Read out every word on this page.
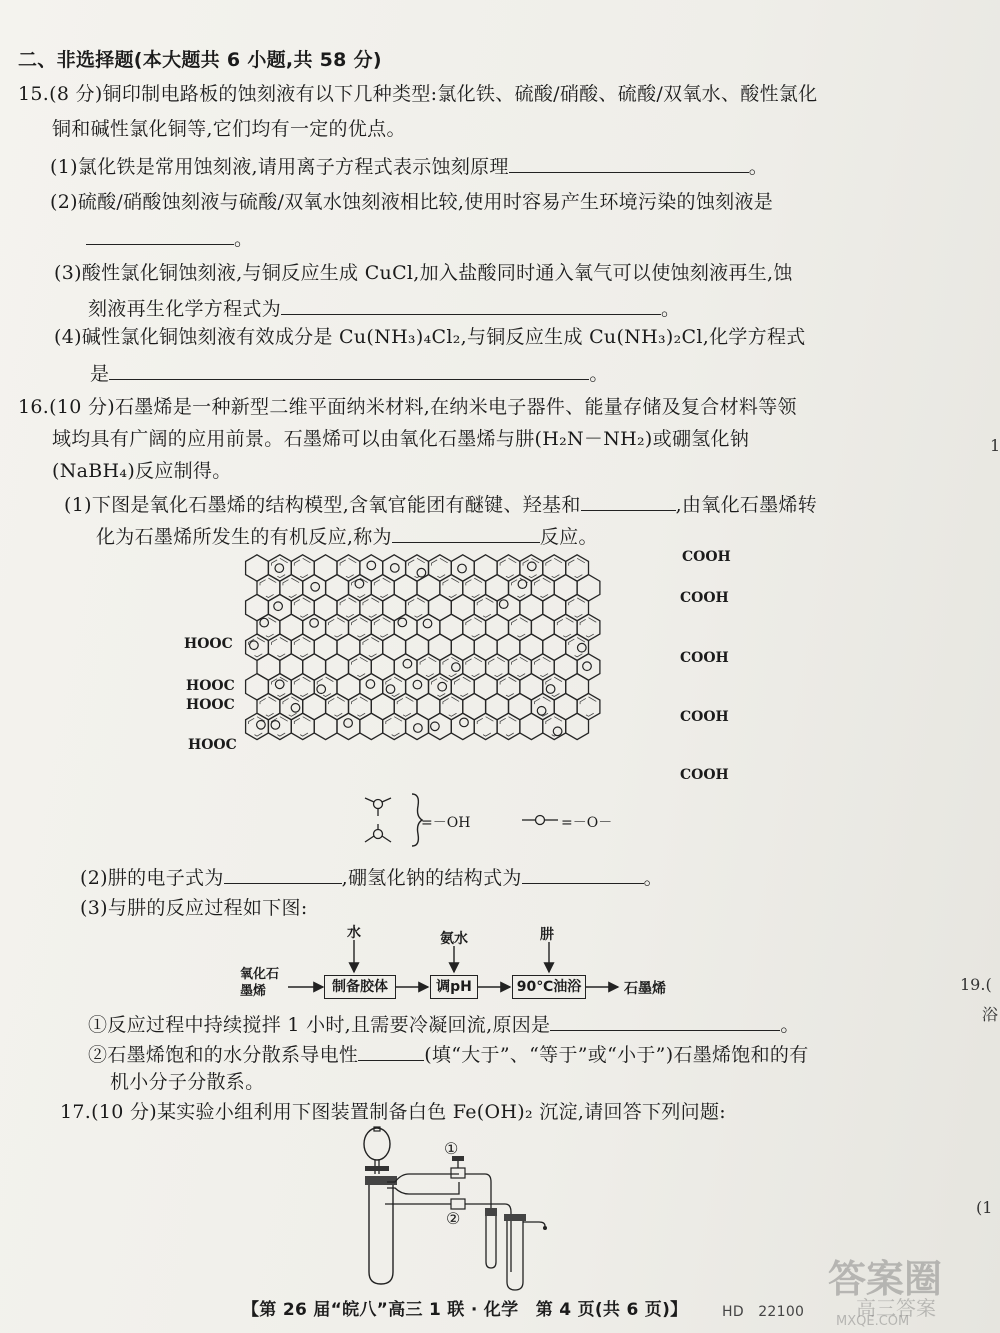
二、非选择题(本大题共 6 小题,共 58 分)
15.(8 分)铜印制电路板的蚀刻液有以下几种类型:氯化铁、硫酸/硝酸、硫酸/双氧水、酸性氯化
铜和碱性氯化铜等,它们均有一定的优点。
(1)氯化铁是常用蚀刻液,请用离子方程式表示蚀刻原理	。
(2)硫酸/硝酸蚀刻液与硫酸/双氧水蚀刻液相比较,使用时容易产生环境污染的蚀刻液是
。
(3)酸性氯化铜蚀刻液,与铜反应生成 CuCl,加入盐酸同时通入氧气可以使蚀刻液再生,蚀
刻液再生化学方程式为	。
(4)碱性氯化铜蚀刻液有效成分是 Cu(NH₃)₄Cl₂,与铜反应生成 Cu(NH₃)₂Cl,化学方程式
是	。
16.(10 分)石墨烯是一种新型二维平面纳米材料,在纳米电子器件、能量存储及复合材料等领
域均具有广阔的应用前景。石墨烯可以由氧化石墨烯与肼(H₂N－NH₂)或硼氢化钠
(NaBH₄)反应制得。
(1)下图是氧化石墨烯的结构模型,含氧官能团有醚键、羟基和	,由氧化石墨烯转
化为石墨烯所发生的有机反应,称为	反应。
HOOC
HOOC
HOOC
HOOC
COOH
COOH
COOH
COOH
COOH
=－OH	=－O－
(2)肼的电子式为	,硼氢化钠的结构式为	。
(3)与肼的反应过程如下图:
氧化石
墨烯	制备胶体	调pH	90℃油浴	石墨烯
水	氨水	肼
①反应过程中持续搅拌 1 小时,且需要冷凝回流,原因是	。
②石墨烯饱和的水分散系导电性	(填“大于”、“等于”或“小于”)石墨烯饱和的有
机小分子分散系。
17.(10 分)某实验小组利用下图装置制备白色 Fe(OH)₂ 沉淀,请回答下列问题:
①
②
【第 26 届“皖八”高三 1 联 · 化学　第 4 页(共 6 页)】 HD　22100
19.(
浴
(1
1
答案圈
高三答案
MXQE.COM
